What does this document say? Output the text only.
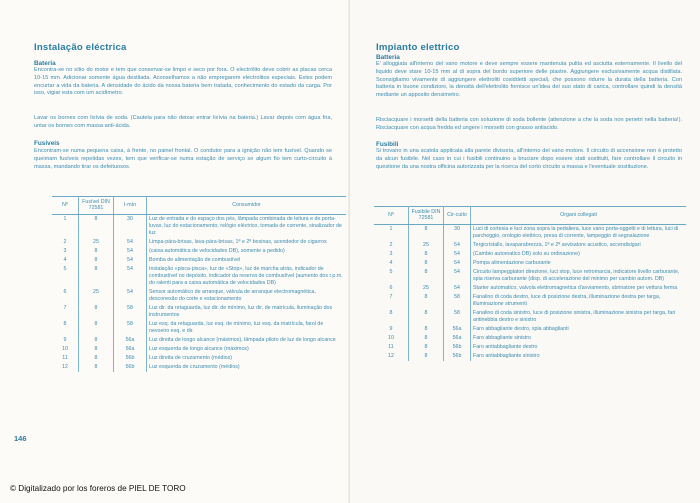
Instalação eléctrica
Bateria
Encontra-se no sítio do motor e tem que conservar-se limpo e seco por fora. O electrólito deve cobrir as placas cerca 10-15 mm. Adicionar somente água destilada. Aconselhamos a não empregarem electrolitos especiais. Estes podem encurtar a vida da bateria. A densidade do ácido da nossa bateria bem tratada, conhecimento do estado da carga. Por isso, vigiar esta com um acidímetro.
Lavar os bornes com lixívia de soda. (Cautela para não deixar entrar lixívia na bateria.) Lavar depois com água fria, untar os bornes com massa anti-ácida.
Fusíveis
Encontram-se numa pequena caixa, à frente, no painel frontal. O condutor para a ignição não tem fusível. Quando se queimam fusíveis repetidas vezes, tem que verificar-se numa estação de serviço se algum fio tem curto-circuito à massa, mandando tirar os defeituosos.
Nº	Fusível DIN 72581	I-mín	Consumidor
1	8	30	Luz de entrada e do espaço dos pés, lâmpada combinada de leitura e de porta-luvas, luz do estacionamento, relógio eléctrico, tomada de corrente, sinalizador de luz
2	25	54	Limpa-pára-brisas, lava-pára-brisas, 1ª e 2ª bosinas, acendedor de cigarros
3	8	54	(caixa automática de velocidades DB), somente a pedido)
4	8	54	Bomba de alimentação de combustível
5	8	54	Instalação «pisca-pisca», luz de «Stop», luz de marcha atrás, indicador de combustível no depósito, indicador da reserva de combustível (aumento dos r.p.m. do ralenti para a caixa automática de velocidades DB)
6	25	54	Sensor automático de arranque, válvula de arranque electromagnética, desconexão do corte e estacionamento
7	8	58	Luz dir. da retaguarda, luz dir. de mínimo, luz dir. de matrícula, iluminação dos instrumentos
8	8	58	Luz esq. da retaguarda, luz esq. de mínimo, luz esq. da matrícula, farol de nevoeiro esq. e dir.
9	8	56a	Luz direita de longo alcance (máximos), lâmpada piloto de luz de longo alcance
10	8	56a	Luz esquerda de longo alcance (máximos)
11	8	56b	Luz direita de cruzamento (médios)
12	8	56b	Luz esquerda de cruzamento (médios)
146
Impianto elettrico
Batteria
E' alloggiata all'interno del vano motore e deve sempre essere mantenuta pulita ed asciutta esternamente. Il livello del liquido deve stare 10-15 mm al di sopra del bordo superiore delle piastre. Aggiungere esclusivamente acqua distillata. Sconsigliamo vivamente di aggiungere elettroliti cosiddetti speciali, che possono ridurre la durata della batteria. Con batteria in buone condizioni, la densità dell'elettrolito fornisce un'idea del suo stato di carica, controllare quindi la densità mediante un apposito densimetro.
Risciacquare i morsetti della batteria con soluzione di soda bollente (attenzione a che la soda non penetri nella batteria!). Risciacquare con acqua fredda ed ungere i morsetti con grasso antiacido.
Fusibili
Si trovano in una scatola applicata alla parete divisoria, all'interno del vano motore. Il circuito di accensione non è protetto da alcun fusibile. Nel caso in cui i fusibili continuino a bruciare dopo essere stati sostituiti, fare controllare il circuito in questione da una nostra officina autorizzata per la ricerca del corto circuito a massa e l'eventuale sostituzione.
Nº	Fusibile DIN 72581	Cir-cuito	Organi collegati
1	8	30	Luci di cortesia e luci zona sopra la pedaliera, luce vano porta-oggetti e di lettura, luci di parcheggio, orologio elettrico, presa di corrente, lampeggio di segnalazione
2	25	54	Tergicristallo, lavaparabrezza, 1ª e 2ª avvisatore acustico, accendisigari
3	8	54	(Cambio automatico DB) solo su ordinazione)
4	8	54	Pompa alimentazione carburante
5	8	54	Circuito lampeggiatori direzione, luci stop, luce retromarcia, indicatore livello carburante, spia riserva carburante (disp. di accelerazione del minimo per cambio autom. DB)
6	25	54	Starter automatico, valvola elettromagnetica d'avviamento, sbrinatore per vettura ferma
7	8	58	Fanalino di coda destro, luce di posizione destra, illuminazione destra per targa, illuminazione strumenti
8	8	58	Fanalino di coda sinistro, luce di posizione sinistra, illuminazione sinistra per targa, fari antinebbia destro e sinistro
9	8	56a	Faro abbagliante destro, spia abbaglianti
10	8	56a	Faro abbagliante sinistro
11	8	56b	Faro antiabbagliante destro
12	8	56b	Faro antiabbagliante sinistro
© Digitalizado por los foreros de PIEL DE TORO
